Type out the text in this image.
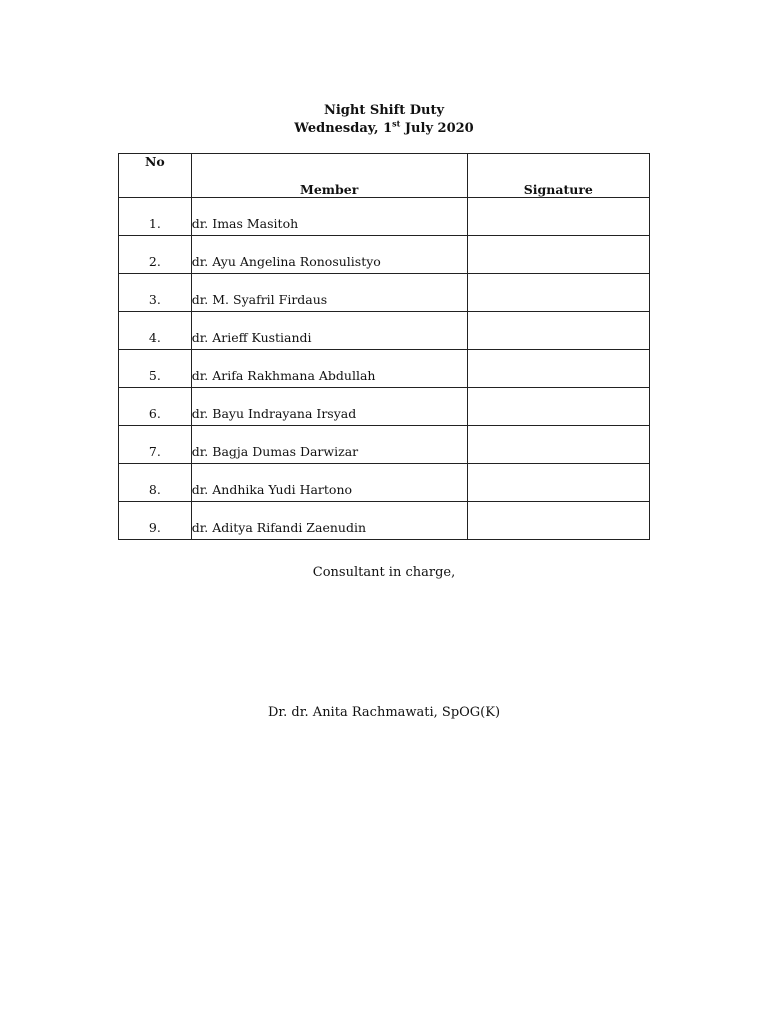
Night Shift Duty
Wednesday, 1st July 2020
No	Member	Signature
1.	dr. Imas Masitoh	
2.	dr. Ayu Angelina Ronosulistyo	
3.	dr. M. Syafril Firdaus	
4.	dr. Arieff Kustiandi	
5.	dr. Arifa Rakhmana Abdullah	
6.	dr. Bayu Indrayana Irsyad	
7.	dr. Bagja Dumas Darwizar	
8.	dr. Andhika Yudi Hartono	
9.	dr. Aditya Rifandi Zaenudin	
Consultant in charge,
Dr. dr. Anita Rachmawati, SpOG(K)
